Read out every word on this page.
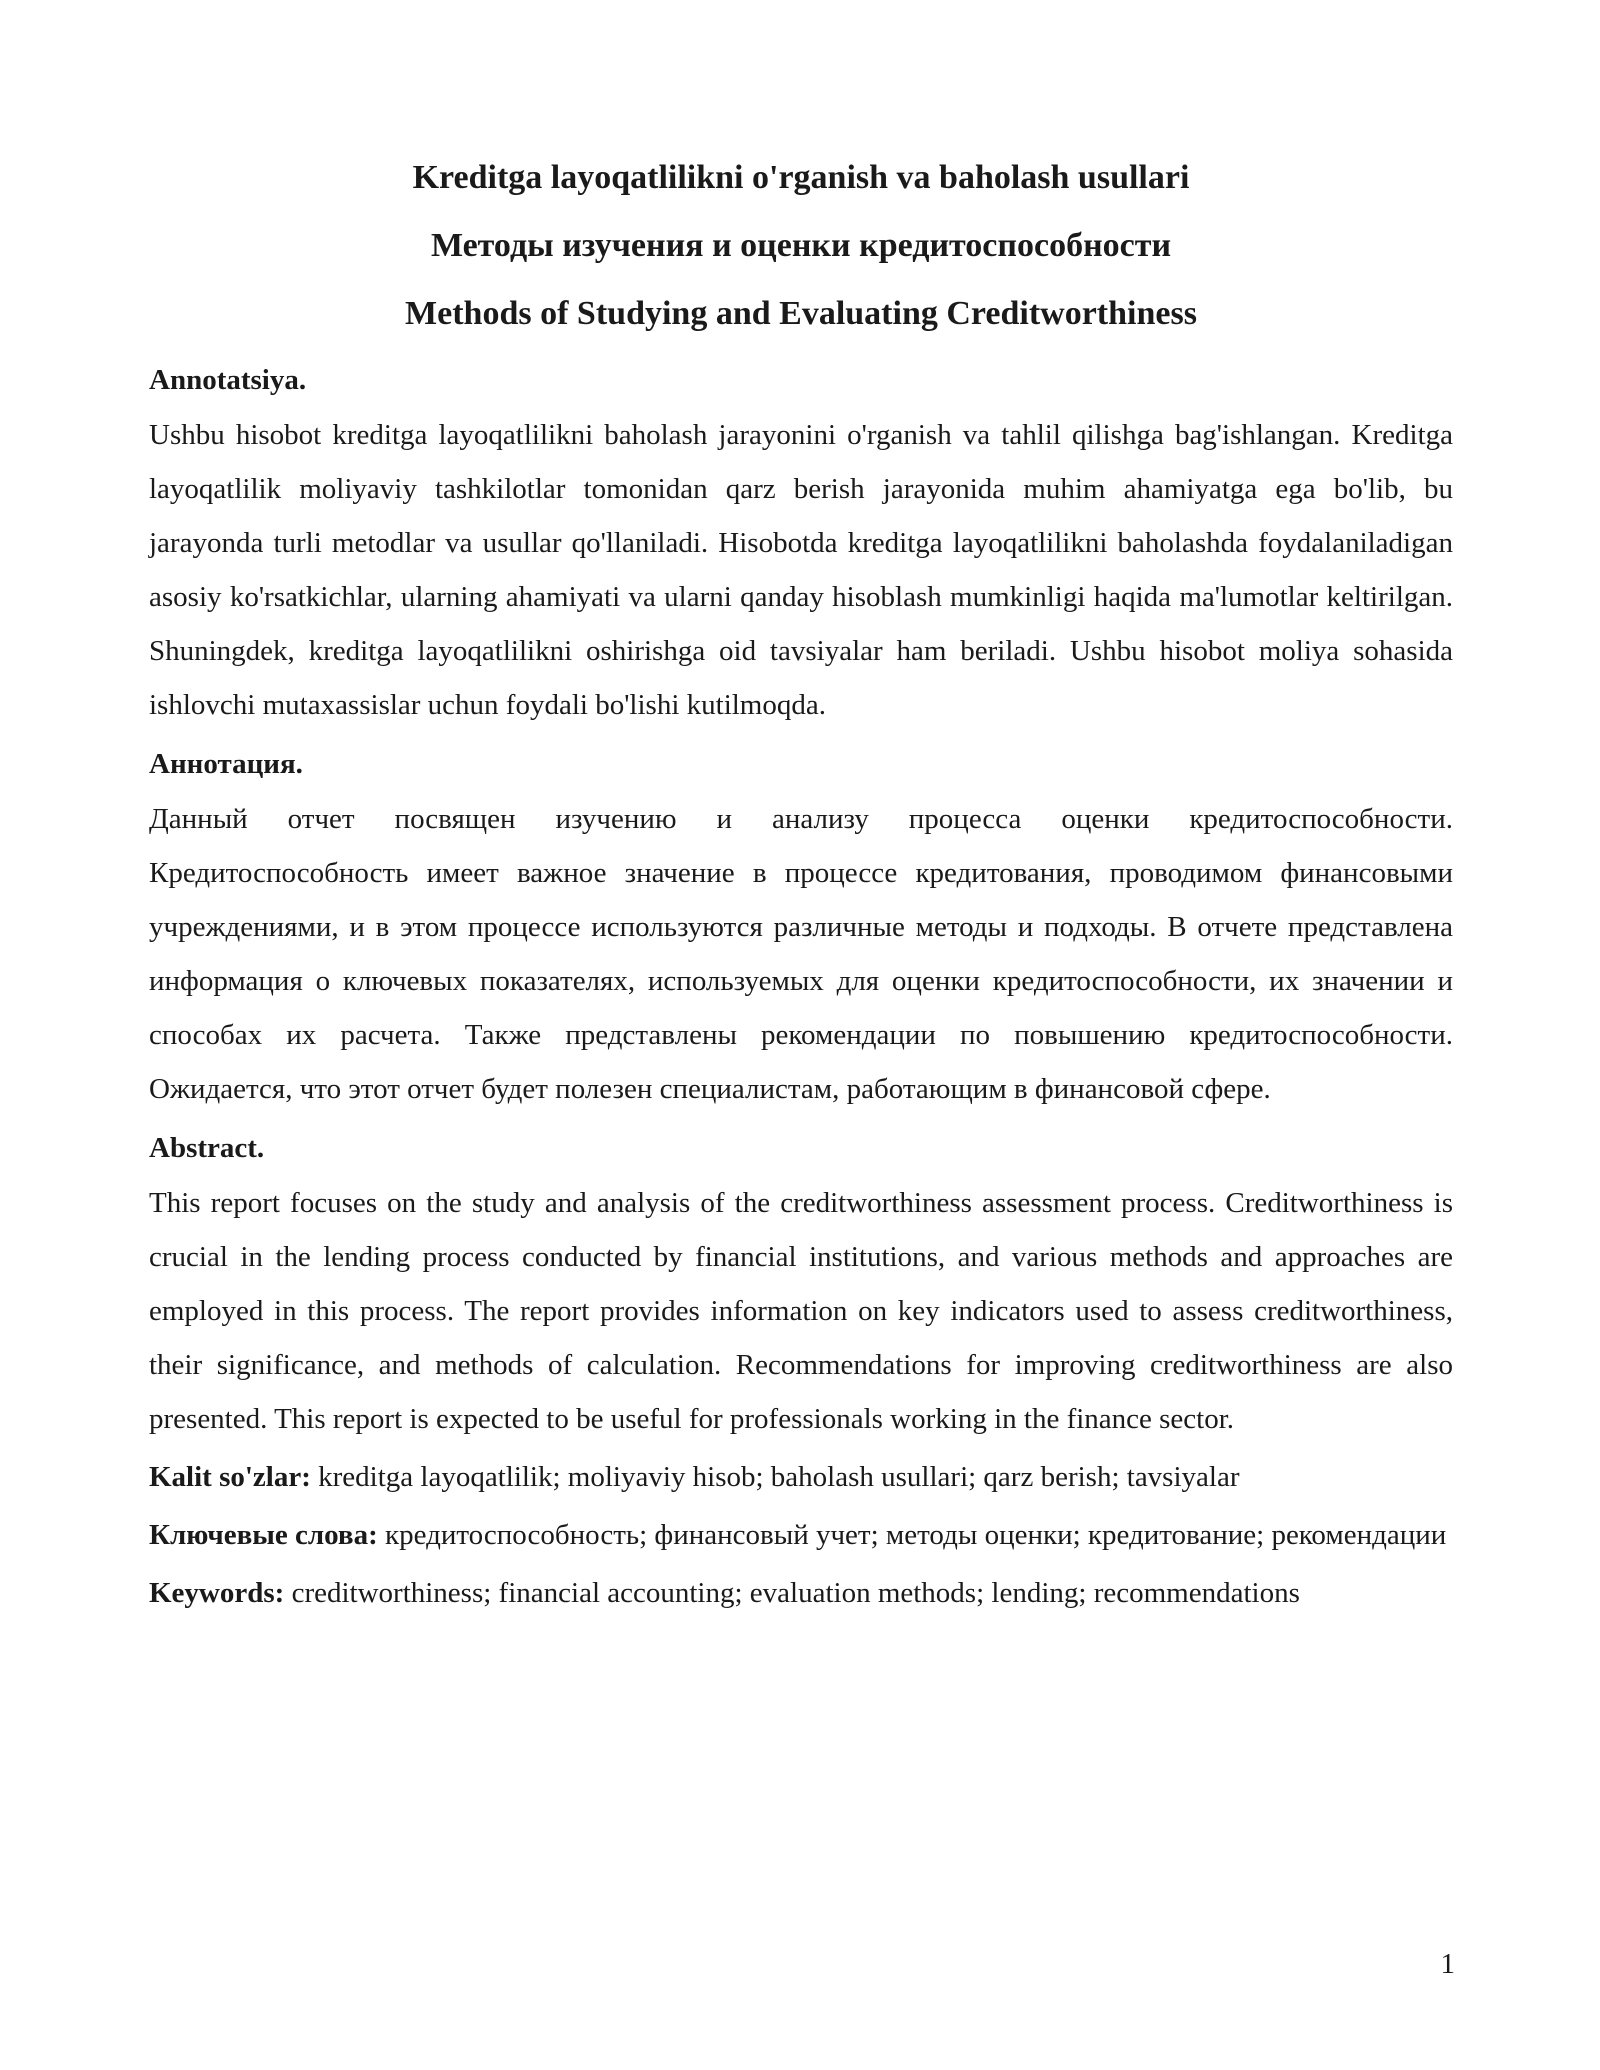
Kreditga layoqatlilikni o'rganish va baholash usullari

Методы изучения и оценки кредитоспособности

Methods of Studying and Evaluating Creditworthiness

Annotatsiya.

Ushbu hisobot kreditga layoqatlilikni baholash jarayonini o'rganish va tahlil qilishga bag'ishlangan. Kreditga layoqatlilik moliyaviy tashkilotlar tomonidan qarz berish jarayonida muhim ahamiyatga ega bo'lib, bu jarayonda turli metodlar va usullar qo'llaniladi. Hisobotda kreditga layoqatlilikni baholashda foydalaniladigan asosiy ko'rsatkichlar, ularning ahamiyati va ularni qanday hisoblash mumkinligi haqida ma'lumotlar keltirilgan. Shuningdek, kreditga layoqatlilikni oshirishga oid tavsiyalar ham beriladi. Ushbu hisobot moliya sohasida ishlovchi mutaxassislar uchun foydali bo'lishi kutilmoqda.

Аннотация.

Данный отчет посвящен изучению и анализу процесса оценки кредитоспособности. Кредитоспособность имеет важное значение в процессе кредитования, проводимом финансовыми учреждениями, и в этом процессе используются различные методы и подходы. В отчете представлена информация о ключевых показателях, используемых для оценки кредитоспособности, их значении и способах их расчета. Также представлены рекомендации по повышению кредитоспособности. Ожидается, что этот отчет будет полезен специалистам, работающим в финансовой сфере.

Abstract.

This report focuses on the study and analysis of the creditworthiness assessment process. Creditworthiness is crucial in the lending process conducted by financial institutions, and various methods and approaches are employed in this process. The report provides information on key indicators used to assess creditworthiness, their significance, and methods of calculation. Recommendations for improving creditworthiness are also presented. This report is expected to be useful for professionals working in the finance sector.

Kalit so'zlar: kreditga layoqatlilik; moliyaviy hisob; baholash usullari; qarz berish; tavsiyalar

Ключевые слова: кредитоспособность; финансовый учет; методы оценки; кредитование; рекомендации

Keywords: creditworthiness; financial accounting; evaluation methods; lending; recommendations

1
